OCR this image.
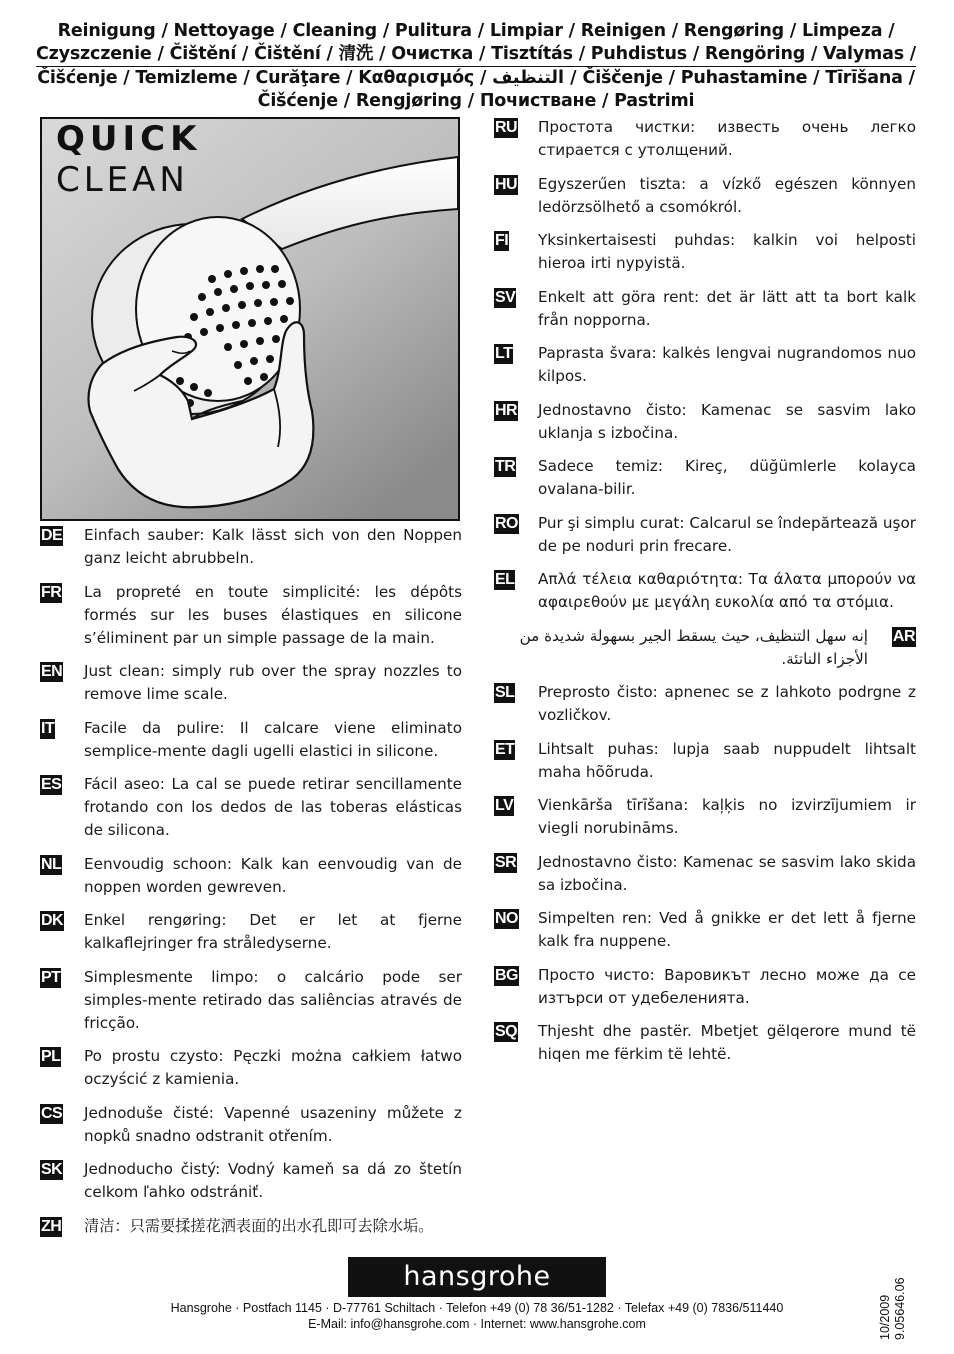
Reinigung / Nettoyage / Cleaning / Pulitura / Limpiar / Reinigen / Rengøring / Limpeza /
Czyszczenie / Čištění / Čištění / 清洗 / Очистка / Tisztítás / Puhdistus / Rengöring / Valymas /
Čišćenje / Temizleme / Curăţare / Καθαρισμός / التنظيف / Čiščenje / Puhastamine / Tīrīšana /
Čišćenje / Rengjøring / Почистване / Pastrimi
QUICK
CLEAN
DE Einfach sauber: Kalk lässt sich von den Noppen ganz leicht abrubbeln.
FR La propreté en toute simplicité: les dépôts formés sur les buses élastiques en silicone s’éliminent par un simple passage de la main.
EN Just clean: simply rub over the spray nozzles to remove lime scale.
IT Facile da pulire: Il calcare viene eliminato semplice-mente dagli ugelli elastici in silicone.
ES Fácil aseo: La cal se puede retirar sencillamente frotando con los dedos de las toberas elásticas de silicona.
NL Eenvoudig schoon: Kalk kan eenvoudig van de noppen worden gewreven.
DK Enkel rengøring: Det er let at fjerne kalkaflejringer fra stråledyserne.
PT Simplesmente limpo: o calcário pode ser simples-mente retirado das saliências através de fricção.
PL Po prostu czysto: Pęczki można całkiem łatwo oczyścić z kamienia.
CS Jednoduše čisté: Vapenné usazeniny můžete z nopků snadno odstranit otřením.
SK Jednoducho čistý: Vodný kameň sa dá zo štetín celkom ľahko odstrániť.
ZH 清洁：只需要揉搓花洒表面的出水孔即可去除水垢。
RU Простота чистки: известь очень легко стирается с утолщений.
HU Egyszerűen tiszta: a vízkő egészen könnyen ledörzsölhető a csomókról.
FI Yksinkertaisesti puhdas: kalkin voi helposti hieroa irti nypyistä.
SV Enkelt att göra rent: det är lätt att ta bort kalk från nopporna.
LT Paprasta švara: kalkės lengvai nugrandomos nuo kilpos.
HR Jednostavno čisto: Kamenac se sasvim lako uklanja s izbočina.
TR Sadece temiz: Kireç, düğümlerle kolayca ovalana-bilir.
RO Pur şi simplu curat: Calcarul se îndepărtează uşor de pe noduri prin frecare.
EL Απλά τέλεια καθαριότητα: Τα άλατα μπορούν να αφαιρεθούν με μεγάλη ευκολία από τα στόμια.
AR
إنه سهل التنظيف، حيث يسقط الجير بسهولة شديدة من الأجزاء الناتئة.
SL Preprosto čisto: apnenec se z lahkoto podrgne z vozličkov.
ET Lihtsalt puhas: lupja saab nuppudelt lihtsalt maha hõõruda.
LV Vienkārša tīrīšana: kaļķis no izvirzījumiem ir viegli norubināms.
SR Jednostavno čisto: Kamenac se sasvim lako skida sa izbočina.
NO Simpelten ren: Ved å gnikke er det lett å fjerne kalk fra nuppene.
BG Просто чисто: Варовикът лесно може да се изтърси от удебеленията.
SQ Thjesht dhe pastër. Mbetjet gëlqerore mund të hiqen me fërkim të lehtë.
hansgrohe
Hansgrohe · Postfach 1145 · D-77761 Schiltach · Telefon +49 (0) 78 36/51-1282 · Telefax +49 (0) 7836/511440
E-Mail: info@hansgrohe.com · Internet: www.hansgrohe.com	10/2009 9.05646.06
